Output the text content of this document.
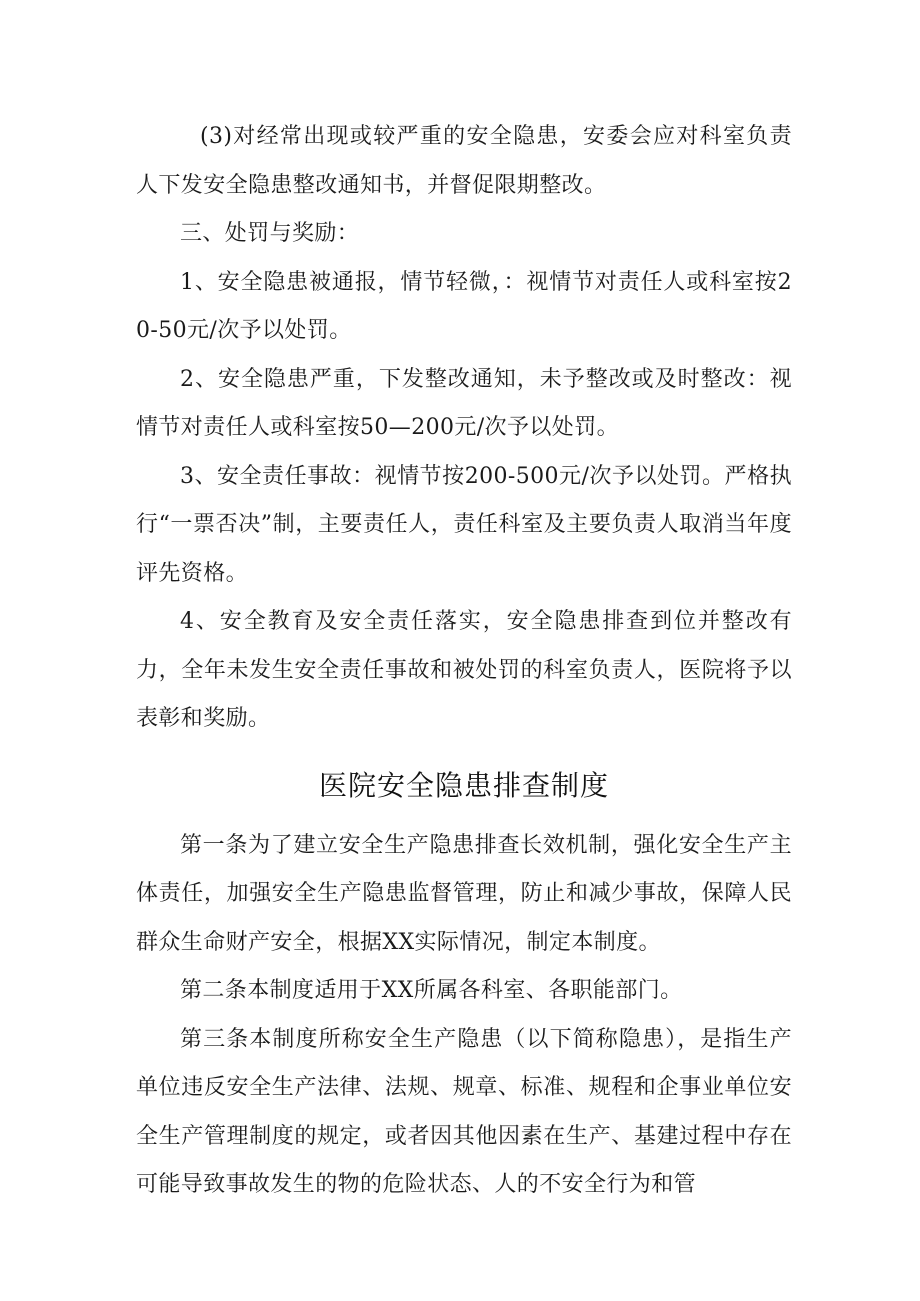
(3)对经常出现或较严重的安全隐患，安委会应对科室负责人下发安全隐患整改通知书，并督促限期整改。

三、处罚与奖励：

1、安全隐患被通报，情节轻微，：视情节对责任人或科室按20-50元/次予以处罚。

2、安全隐患严重，下发整改通知，未予整改或及时整改：视情节对责任人或科室按50—200元/次予以处罚。

3、安全责任事故：视情节按200-500元/次予以处罚。严格执行“一票否决”制，主要责任人，责任科室及主要负责人取消当年度评先资格。

4、安全教育及安全责任落实，安全隐患排查到位并整改有力，全年未发生安全责任事故和被处罚的科室负责人，医院将予以表彰和奖励。

医院安全隐患排查制度

第一条为了建立安全生产隐患排查长效机制，强化安全生产主体责任，加强安全生产隐患监督管理，防止和减少事故，保障人民群众生命财产安全，根据XX实际情况，制定本制度。

第二条本制度适用于XX所属各科室、各职能部门。

第三条本制度所称安全生产隐患（以下简称隐患），是指生产单位违反安全生产法律、法规、规章、标准、规程和企事业单位安全生产管理制度的规定，或者因其他因素在生产、基建过程中存在可能导致事故发生的物的危险状态、人的不安全行为和管
